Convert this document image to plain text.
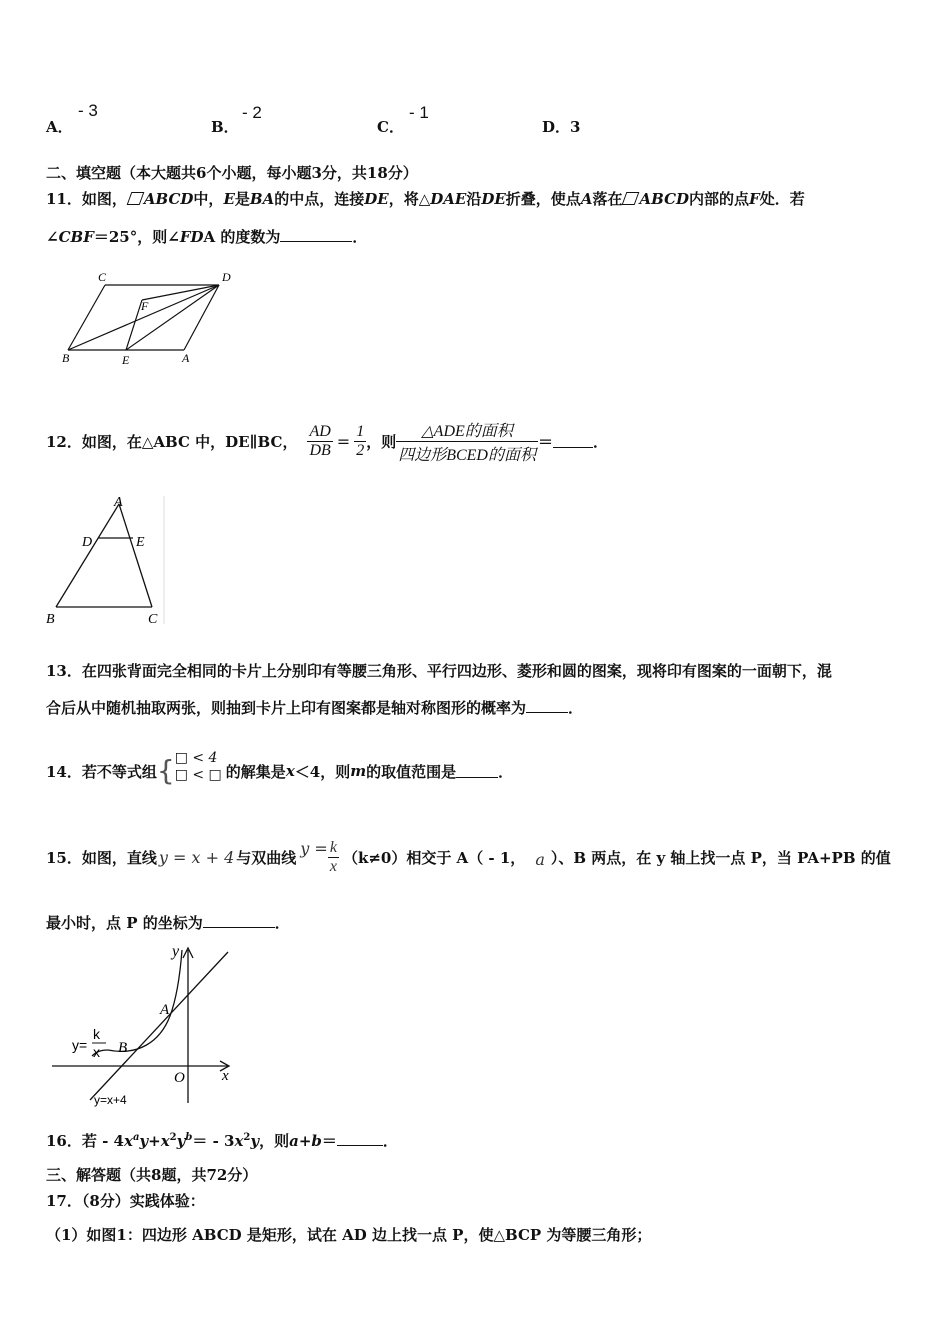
A．
- 3
B．
- 2
C．
- 1
D．3
二、填空题（本大题共6个小题，每小题3分，共18分）
11．如图， ABCD中，E是BA的中点，连接DE，将△DAE沿DE折叠，使点A落在 ABCD内部的点F处．若
∠CBF＝25°，则∠FDA 的度数为	．
C	D
F
B	E	A
12．如图，在△ABC 中，DE∥BC， $\frac{AD}{DB} = \frac{1}{2}$ ，则 $\frac{\text{△ADE的面积}}{\text{四边形BCED的面积}}$ ＝	．
A
D	E
B	C
13．在四张背面完全相同的卡片上分别印有等腰三角形、平行四边形、菱形和圆的图案，现将印有图案的一面朝下，混
合后从中随机抽取两张，则抽到卡片上印有图案都是轴对称图形的概率为	．
14．若不等式组 { □ < 4
□ < □ 的解集是 x ＜4，则 m 的取值范围是	．
15．如图，直线 y = x + 4 与双曲线 $y = \frac{k}{x} (k\ne 0)$相交于 A（ - 1， a ）、B 两点，在 y 轴上找一点 P，当 PA+PB 的值
最小时，点 P 的坐标为	．
y
x
O
A
B
y=
k
x
y=x+4
16．若 - $4x^ay+x^2y^b= - 3x^2y$，则a+b＝	．
三、解答题（共8题，共72分）
17．（8分）实践体验：
（1）如图1：四边形 ABCD 是矩形，试在 AD 边上找一点 P，使△BCP 为等腰三角形；
